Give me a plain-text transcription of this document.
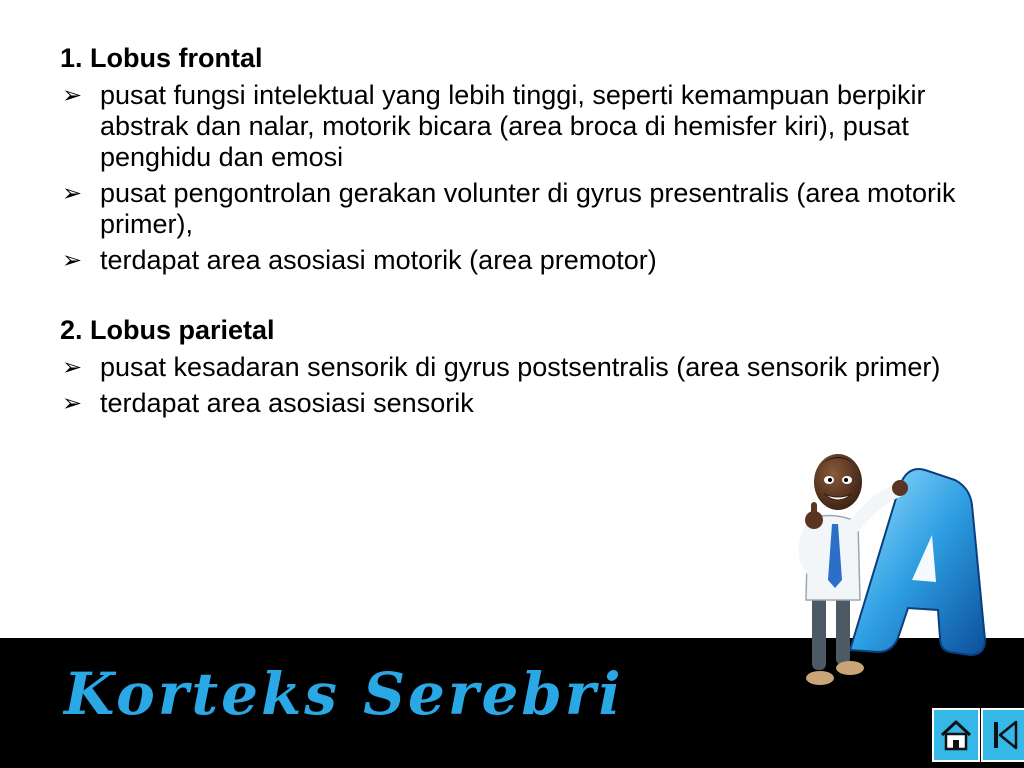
1. Lobus frontal

➢ pusat fungsi intelektual yang lebih tinggi, seperti kemampuan berpikir abstrak dan nalar, motorik bicara (area broca di hemisfer kiri), pusat penghidu dan emosi
➢ pusat pengontrolan gerakan volunter di gyrus presentralis (area motorik primer),
➢ terdapat area asosiasi motorik (area premotor)

2. Lobus parietal

➢ pusat kesadaran sensorik di gyrus postsentralis (area sensorik primer)
➢ terdapat area asosiasi sensorik
Korteks Serebri
